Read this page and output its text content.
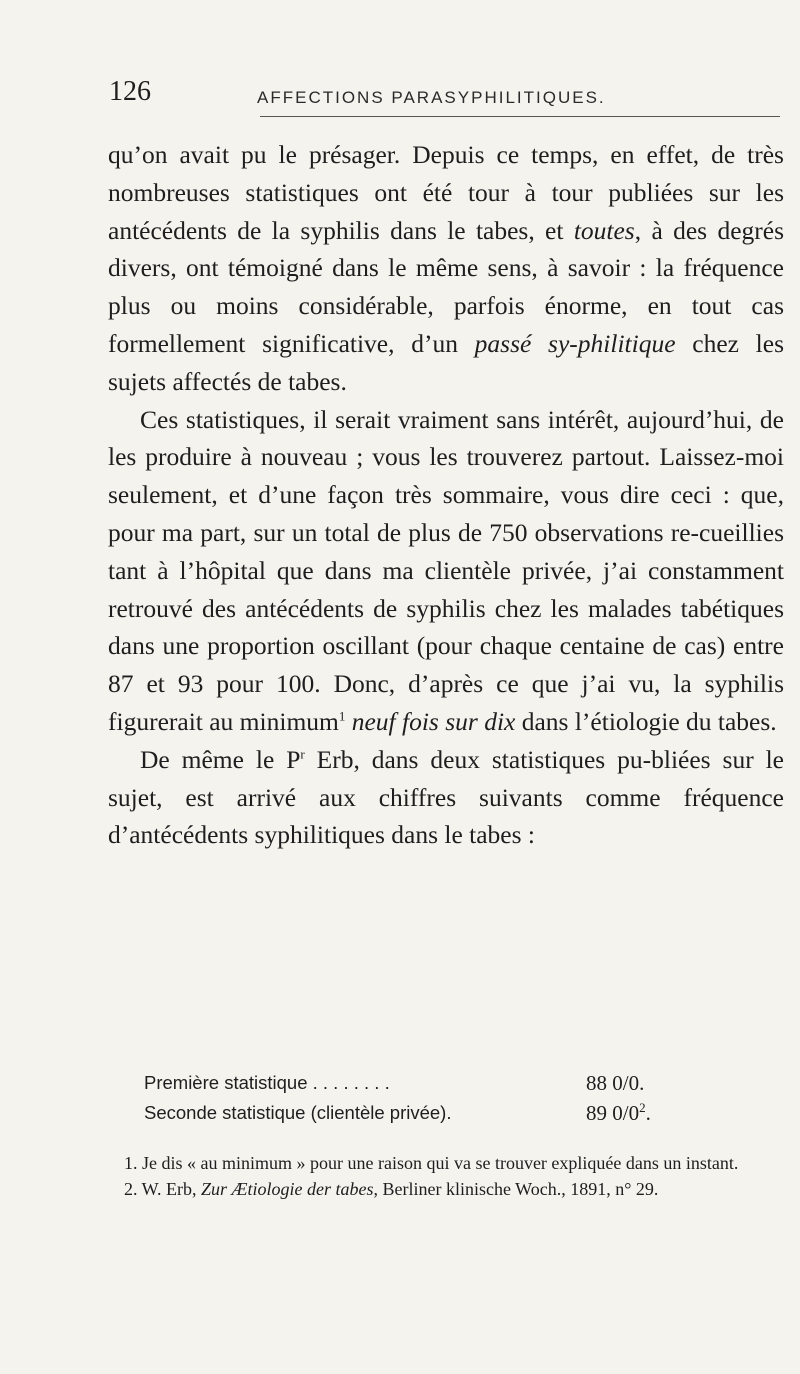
126	AFFECTIONS PARASYPHILITIQUES.

qu’on avait pu le présager. Depuis ce temps, en effet, de très nombreuses statistiques ont été tour à tour publiées sur les antécédents de la syphilis dans le tabes, et toutes, à des degrés divers, ont témoigné dans le même sens, à savoir : la fréquence plus ou moins considérable, parfois énorme, en tout cas formellement significative, d’un passé sy-philitique chez les sujets affectés de tabes.

Ces statistiques, il serait vraiment sans intérêt, aujourd’hui, de les produire à nouveau ; vous les trouverez partout. Laissez-moi seulement, et d’une façon très sommaire, vous dire ceci : que, pour ma part, sur un total de plus de 750 observations re-cueillies tant à l’hôpital que dans ma clientèle privée, j’ai constamment retrouvé des antécédents de syphilis chez les malades tabétiques dans une proportion oscillant (pour chaque centaine de cas) entre 87 et 93 pour 100. Donc, d’après ce que j’ai vu, la syphilis figurerait au minimum$^1$ neuf fois sur dix dans l’étiologie du tabes.

De même le $P^r$ Erb, dans deux statistiques pu-bliées sur le sujet, est arrivé aux chiffres suivants comme fréquence d’antécédents syphilitiques dans le tabes :

Première statistique . . . . . . . .	88 0/0.
Seconde statistique (clientèle privée).	89 $0/0^2$.

1. Je dis « au minimum » pour une raison qui va se trouver expliquée dans un instant.

2. W. Erb, Zur Ætiologie der tabes, Berliner klinische Woch., 1891, n° 29.
